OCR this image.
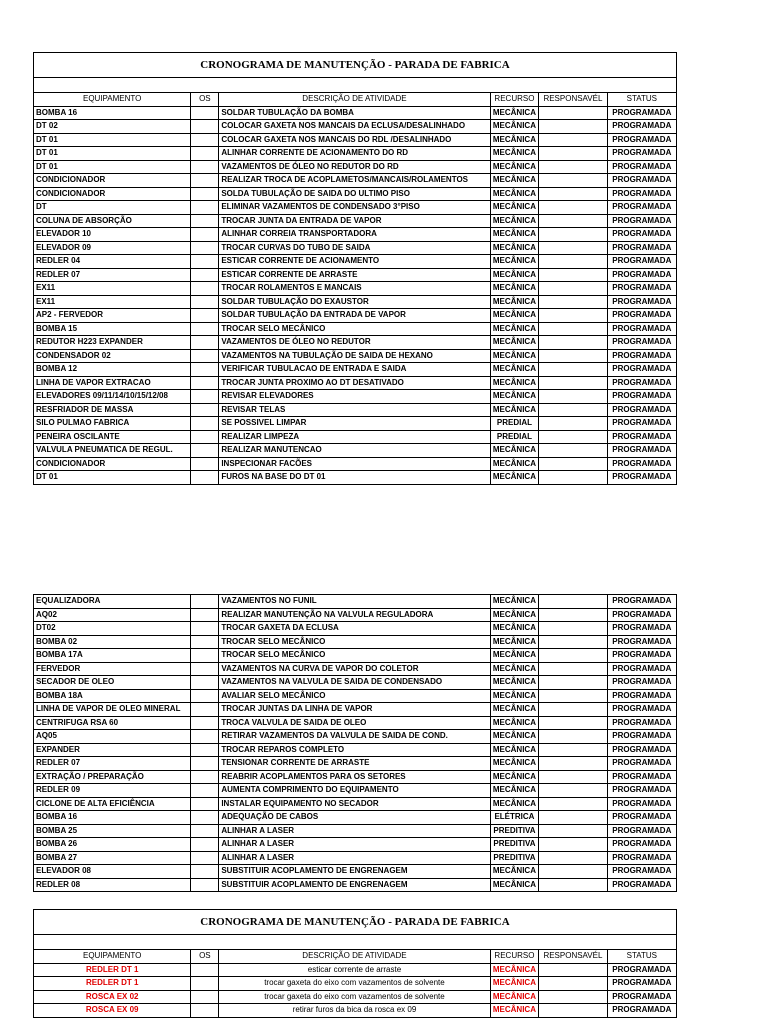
CRONOGRAMA DE MANUTENÇÃO - PARADA DE FABRICA
EQUIPAMENTO	OS	DESCRIÇÃO DE ATIVIDADE	RECURSO	RESPONSAVÉL	STATUS
BOMBA 16		SOLDAR TUBULAÇÃO DA BOMBA	MECÂNICA		PROGRAMADA
DT 02		COLOCAR GAXETA NOS MANCAIS DA ECLUSA/DESALINHADO	MECÂNICA		PROGRAMADA
DT 01		COLOCAR GAXETA NOS MANCAIS DO RDL /DESALINHADO	MECÂNICA		PROGRAMADA
DT 01		ALINHAR CORRENTE DE ACIONAMENTO DO RD	MECÂNICA		PROGRAMADA
DT 01		VAZAMENTOS DE ÓLEO NO REDUTOR DO RD	MECÂNICA		PROGRAMADA
CONDICIONADOR		REALIZAR TROCA DE ACOPLAMETOS/MANCAIS/ROLAMENTOS	MECÂNICA		PROGRAMADA
CONDICIONADOR		SOLDA TUBULAÇÃO DE SAIDA DO ULTIMO PISO	MECÂNICA		PROGRAMADA
DT		ELIMINAR VAZAMENTOS DE CONDENSADO 3°PISO	MECÂNICA		PROGRAMADA
COLUNA DE ABSORÇÃO		TROCAR JUNTA DA ENTRADA DE VAPOR	MECÂNICA		PROGRAMADA
ELEVADOR 10		ALINHAR CORREIA TRANSPORTADORA	MECÂNICA		PROGRAMADA
ELEVADOR 09		TROCAR CURVAS DO TUBO DE SAIDA	MECÂNICA		PROGRAMADA
REDLER 04		ESTICAR CORRENTE DE ACIONAMENTO	MECÂNICA		PROGRAMADA
REDLER 07		ESTICAR CORRENTE DE ARRASTE	MECÂNICA		PROGRAMADA
EX11		TROCAR ROLAMENTOS E MANCAIS	MECÂNICA		PROGRAMADA
EX11		SOLDAR TUBULAÇÃO DO EXAUSTOR	MECÂNICA		PROGRAMADA
AP2 - FERVEDOR		SOLDAR TUBULAÇÃO DA ENTRADA DE VAPOR	MECÂNICA		PROGRAMADA
BOMBA 15		TROCAR SELO MECÂNICO	MECÂNICA		PROGRAMADA
REDUTOR H223 EXPANDER		VAZAMENTOS DE ÓLEO NO REDUTOR	MECÂNICA		PROGRAMADA
CONDENSADOR 02		VAZAMENTOS NA TUBULAÇÃO DE SAIDA DE HEXANO	MECÂNICA		PROGRAMADA
BOMBA 12		VERIFICAR TUBULACAO DE ENTRADA E SAIDA	MECÂNICA		PROGRAMADA
LINHA DE VAPOR EXTRACAO		TROCAR JUNTA PROXIMO AO DT DESATIVADO	MECÂNICA		PROGRAMADA
ELEVADORES 09/11/14/10/15/12/08		REVISAR ELEVADORES	MECÂNICA		PROGRAMADA
RESFRIADOR DE MASSA		REVISAR TELAS	MECÂNICA		PROGRAMADA
SILO PULMAO FABRICA		SE POSSIVEL LIMPAR	PREDIAL		PROGRAMADA
PENEIRA OSCILANTE		REALIZAR LIMPEZA	PREDIAL		PROGRAMADA
VALVULA PNEUMATICA DE REGUL.		REALIZAR MANUTENCAO	MECÂNICA		PROGRAMADA
CONDICIONADOR		INSPECIONAR FACÕES	MECÂNICA		PROGRAMADA
DT 01		FUROS NA BASE DO DT 01	MECÂNICA		PROGRAMADA
EQUALIZADORA		VAZAMENTOS NO FUNIL	MECÂNICA		PROGRAMADA
AQ02		REALIZAR MANUTENÇÃO NA VALVULA REGULADORA	MECÂNICA		PROGRAMADA
DT02		TROCAR GAXETA DA ECLUSA	MECÂNICA		PROGRAMADA
BOMBA 02		TROCAR SELO MECÂNICO	MECÂNICA		PROGRAMADA
BOMBA 17A		TROCAR SELO MECÂNICO	MECÂNICA		PROGRAMADA
FERVEDOR		VAZAMENTOS NA CURVA DE VAPOR DO COLETOR	MECÂNICA		PROGRAMADA
SECADOR DE OLEO		VAZAMENTOS NA VALVULA DE SAIDA DE CONDENSADO	MECÂNICA		PROGRAMADA
BOMBA 18A		AVALIAR SELO MECÂNICO	MECÂNICA		PROGRAMADA
LINHA DE VAPOR DE OLEO MINERAL		TROCAR JUNTAS DA LINHA DE VAPOR	MECÂNICA		PROGRAMADA
CENTRIFUGA RSA 60		TROCA VALVULA DE SAIDA DE OLEO	MECÂNICA		PROGRAMADA
AQ05		RETIRAR VAZAMENTOS DA VALVULA DE SAIDA DE COND.	MECÂNICA		PROGRAMADA
EXPANDER		TROCAR REPAROS COMPLETO	MECÂNICA		PROGRAMADA
REDLER 07		TENSIONAR CORRENTE DE ARRASTE	MECÂNICA		PROGRAMADA
EXTRAÇÃO / PREPARAÇÃO		REABRIR ACOPLAMENTOS PARA OS SETORES	MECÂNICA		PROGRAMADA
REDLER 09		AUMENTA COMPRIMENTO DO EQUIPAMENTO	MECÂNICA		PROGRAMADA
CICLONE DE ALTA EFICIÊNCIA		INSTALAR EQUIPAMENTO NO SECADOR	MECÂNICA		PROGRAMADA
BOMBA 16		ADEQUAÇÃO DE CABOS	ELÉTRICA		PROGRAMADA
BOMBA 25		ALINHAR A LASER	PREDITIVA		PROGRAMADA
BOMBA 26		ALINHAR A LASER	PREDITIVA		PROGRAMADA
BOMBA 27		ALINHAR A LASER	PREDITIVA		PROGRAMADA
ELEVADOR 08		SUBSTITUIR ACOPLAMENTO DE ENGRENAGEM	MECÂNICA		PROGRAMADA
REDLER 08		SUBSTITUIR ACOPLAMENTO DE ENGRENAGEM	MECÂNICA		PROGRAMADA
CRONOGRAMA DE MANUTENÇÃO - PARADA DE FABRICA
EQUIPAMENTO	OS	DESCRIÇÃO DE ATIVIDADE	RECURSO	RESPONSAVÉL	STATUS
REDLER DT 1		esticar corrente de arraste	MECÂNICA		PROGRAMADA
REDLER DT 1		trocar gaxeta do eixo com vazamentos de solvente	MECÂNICA		PROGRAMADA
ROSCA EX 02		trocar gaxeta do eixo com vazamentos de solvente	MECÂNICA		PROGRAMADA
ROSCA EX 09		retirar furos da bica da rosca ex 09	MECÂNICA		PROGRAMADA
